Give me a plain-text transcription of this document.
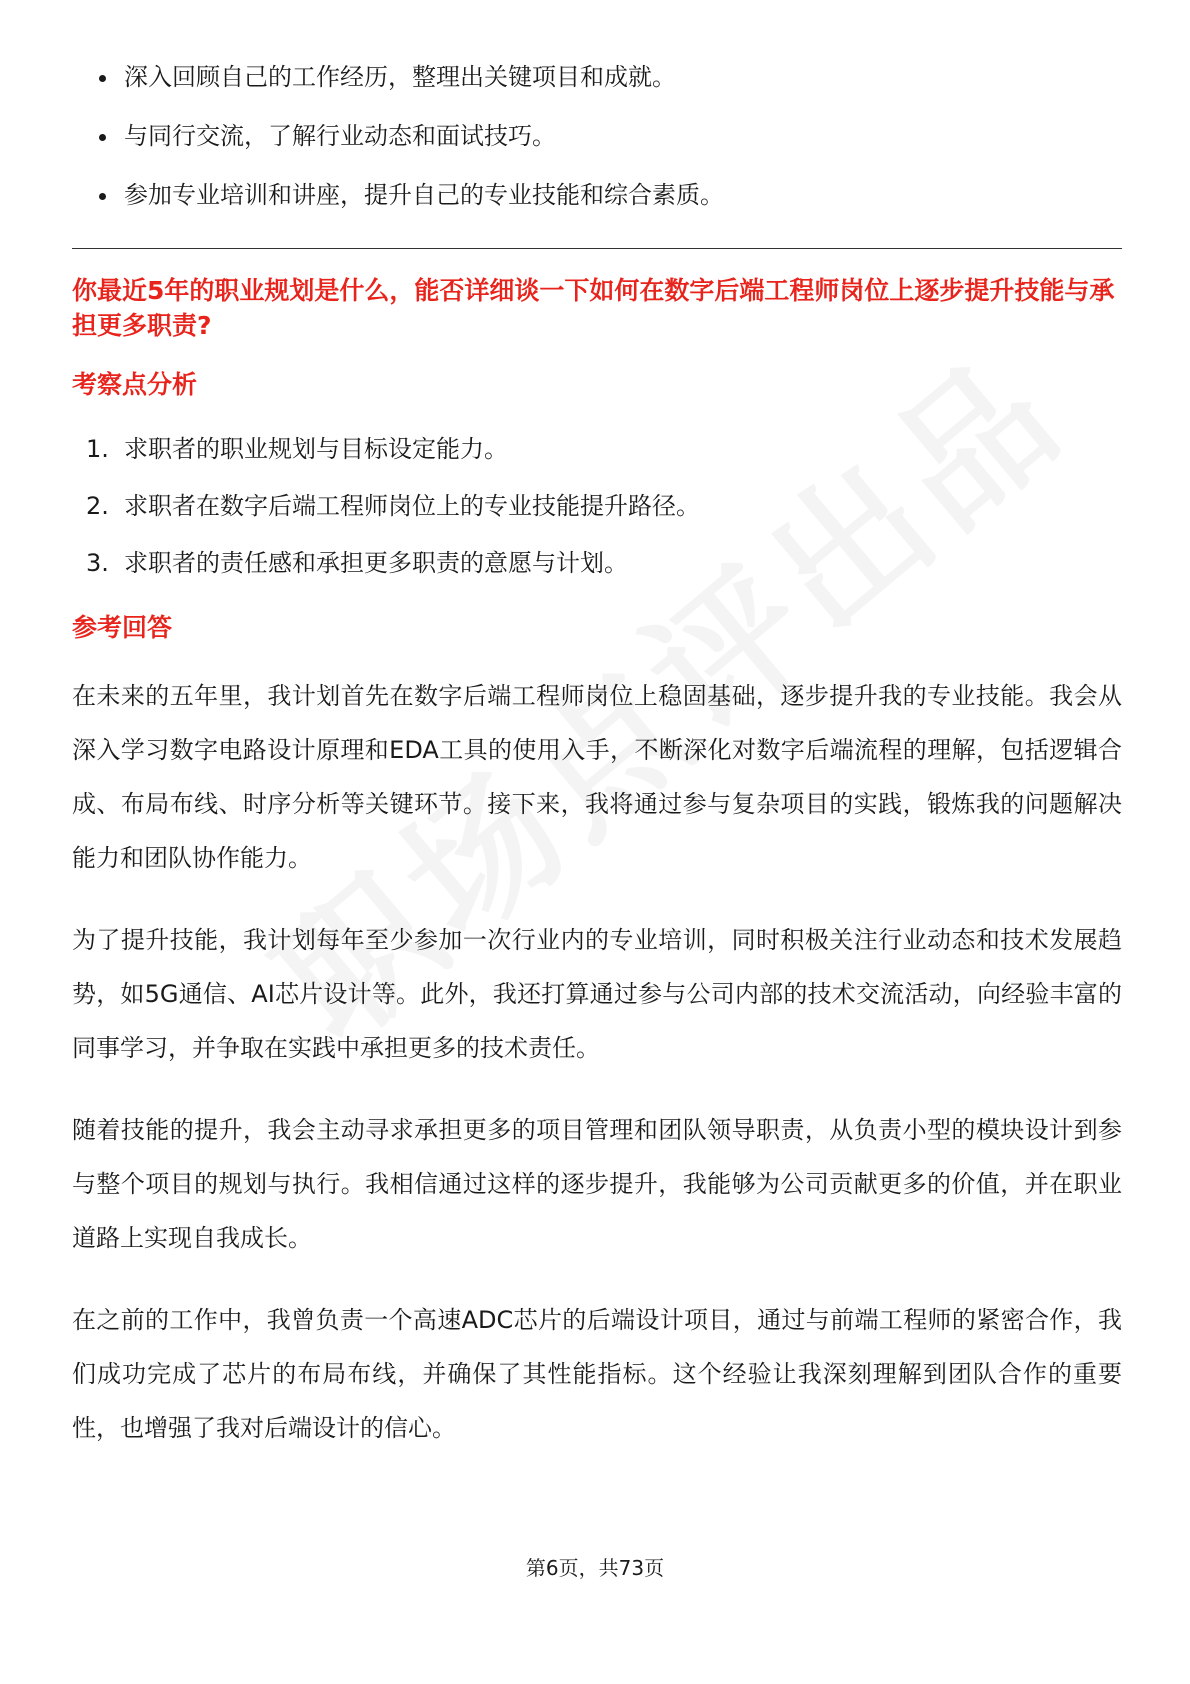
深入回顾自己的工作经历，整理出关键项目和成就。
与同行交流，了解行业动态和面试技巧。
参加专业培训和讲座，提升自己的专业技能和综合素质。
你最近5年的职业规划是什么，能否详细谈一下如何在数字后端工程师岗位上逐步提升技能与承担更多职责?
考察点分析
1. 求职者的职业规划与目标设定能力。
2. 求职者在数字后端工程师岗位上的专业技能提升路径。
3. 求职者的责任感和承担更多职责的意愿与计划。
参考回答

在未来的五年里，我计划首先在数字后端工程师岗位上稳固基础，逐步提升我的专业技能。我会从深入学习数字电路设计原理和EDA工具的使用入手，不断深化对数字后端流程的理解，包括逻辑合成、布局布线、时序分析等关键环节。接下来，我将通过参与复杂项目的实践，锻炼我的问题解决能力和团队协作能力。

为了提升技能，我计划每年至少参加一次行业内的专业培训，同时积极关注行业动态和技术发展趋势，如5G通信、AI芯片设计等。此外，我还打算通过参与公司内部的技术交流活动，向经验丰富的同事学习，并争取在实践中承担更多的技术责任。

随着技能的提升，我会主动寻求承担更多的项目管理和团队领导职责，从负责小型的模块设计到参与整个项目的规划与执行。我相信通过这样的逐步提升，我能够为公司贡献更多的价值，并在职业道路上实现自我成长。

在之前的工作中，我曾负责一个高速ADC芯片的后端设计项目，通过与前端工程师的紧密合作，我们成功完成了芯片的布局布线，并确保了其性能指标。这个经验让我深刻理解到团队合作的重要性，也增强了我对后端设计的信心。

第6页，共73页
